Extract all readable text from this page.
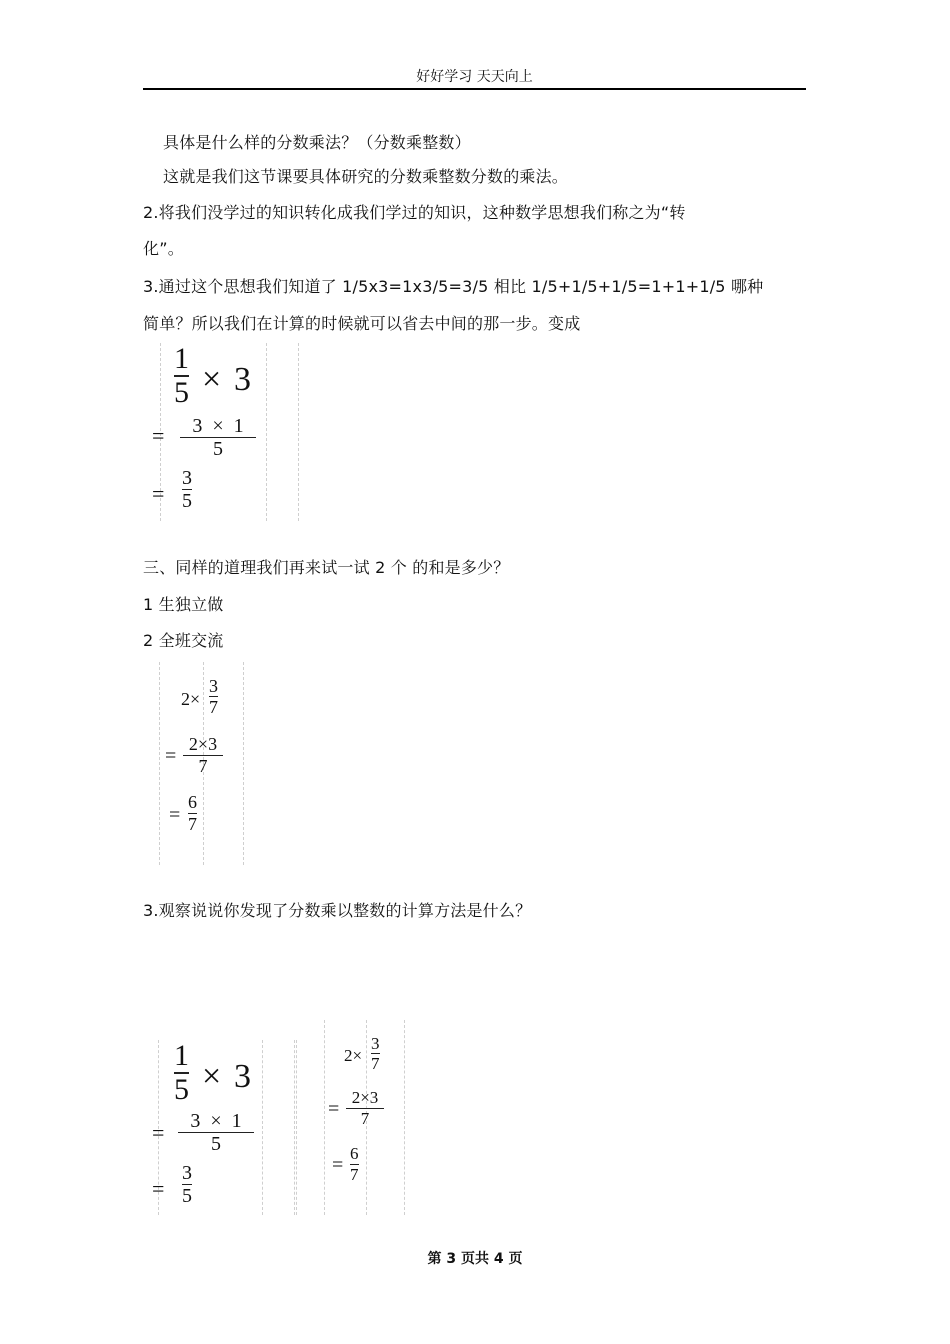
好好学习 天天向上
具体是什么样的分数乘法？（分数乘整数）
这就是我们这节课要具体研究的分数乘整数分数的乘法。
2.将我们没学过的知识转化成我们学过的知识，这种数学思想我们称之为“转
化”。
3.通过这个思想我们知道了 1/5x3=1x3/5=3/5 相比 1/5+1/5+1/5=1+1+1/5 哪种
简单？所以我们在计算的时候就可以省去中间的那一步。变成
1
5 × 3
= 3  ×  1
5
=
3
5
三、同样的道理我们再来试一试 2 个 的和是多少？
1 生独立做
2 全班交流
2×
3
7
=
2×3
7
=
6
7
3.观察说说你发现了分数乘以整数的计算方法是什么？
1
5 × 3
= 3  ×  1
5
=
3
5
2×
3
7
=
2×3
7
=
6
7
第 3 页共 4 页
